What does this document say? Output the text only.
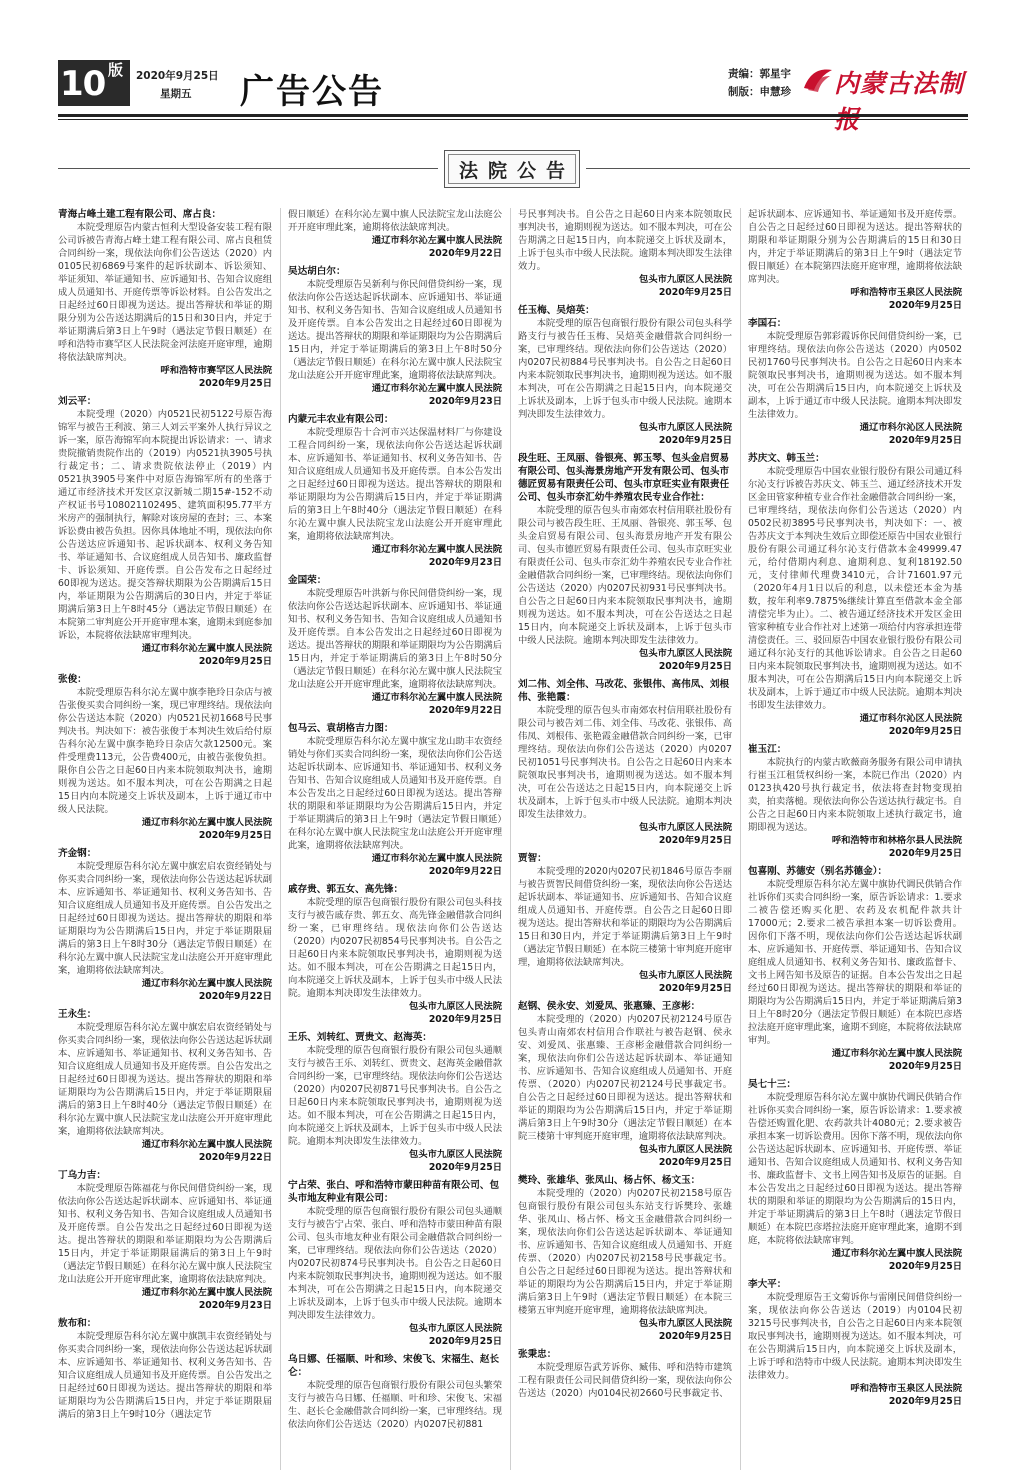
10 版	2020年9月25日
星期五 广告公告	责编：郭星宇
制版：申慧珍 内蒙古法制
法院公告
青海占峰土建工程有限公司、席占良：
本院受理原告内蒙古恒利大型设备安装工程有限公司诉被告青海占峰土建工程有限公司、席占良租赁合同纠纷一案，现依法向你们公告送达（2020）内0105民初6869号案件的起诉状副本、诉讼须知、举证须知、举证通知书、应诉通知书、告知合议庭组成人员通知书、开庭传票等诉讼材料。自公告发出之日起经过60日即视为送达。提出答辩状和举证的期限分别为公告送达期满后的15日和30日内，并定于举证期满后第3日上午9时（遇法定节假日顺延）在呼和浩特市赛罕区人民法院金河法庭开庭审理，逾期将依法缺席判决。
呼和浩特市赛罕区人民法院
2020年9月25日
刘云平：
本院受理（2020）内0521民初5122号原告海锦军与被告王利波、第三人刘云平案外人执行异议之诉一案，原告海锦军向本院提出诉讼请求：一、请求贵院撤销贵院作出的（2019）内0521执3905号执行裁定书；二、请求贵院依法停止（2019）内0521执3905号案件中对原告海锦军所有的坐落于通辽市经济技术开发区京汉新城二期15#-152不动产权证书号108021102495、建筑面积95.77平方米房产的强制执行，解除对该房屋的查封；三、本案诉讼费由被告负担。因你具体地址不明，现依法向你公告送达应诉通知书、起诉状副本、权利义务告知书、举证通知书、合议庭组成人员告知书、廉政监督卡、诉讼须知、开庭传票。自公告发布之日起经过60即视为送达。提交答辩状期限为公告期满后15日内，举证期限为公告期满后的30日内，并定于举证期满后第3日上午8时45分（遇法定节假日顺延）在本院第二审判庭公开开庭审理本案，逾期未到庭参加诉讼，本院将依法缺席审理判决。
通辽市科尔沁左翼中旗人民法院
2020年9月25日
张俊：
本院受理原告科尔沁左翼中旗李艳玲日杂店与被告张俊买卖合同纠纷一案，现已审理终结。现依法向你公告送达本院（2020）内0521民初1668号民事判决书。判决如下：被告张俊于本判决生效后给付原告科尔沁左翼中旗李艳玲日杂店欠款12500元。案件受理费113元，公告费400元，由被告张俊负担。限你自公告之日起60日内来本院领取判决书，逾期则视为送达。如不服本判决，可在公告期满之日起15日内向本院递交上诉状及副本，上诉于通辽市中级人民法院。
通辽市科尔沁左翼中旗人民法院
2020年9月25日
齐金钢：
本院受理原告科尔沁左翼中旗宏启农资经销处与你买卖合同纠纷一案，现依法向你公告送达起诉状副本、应诉通知书、举证通知书、权利义务告知书、告知合议庭组成人员通知书及开庭传票。自公告发出之日起经过60日即视为送达。提出答辩状的期限和举证期限均为公告期满后15日内，并定于举证期限届满后的第3日上午8时30分（遇法定节假日顺延）在科尔沁左翼中旗人民法院宝龙山法庭公开开庭审理此案，逾期将依法缺席判决。
通辽市科尔沁左翼中旗人民法院
2020年9月22日
王永生：
本院受理原告科尔沁左翼中旗宏启农资经销处与你买卖合同纠纷一案，现依法向你公告送达起诉状副本、应诉通知书、举证通知书、权利义务告知书、告知合议庭组成人员通知书及开庭传票。自公告发出之日起经过60日即视为送达。提出答辩状的期限和举证期限均为公告期满后15日内，并定于举证期限届满后的第3日上午8时40分（遇法定节假日顺延）在科尔沁左翼中旗人民法院宝龙山法庭公开开庭审理此案，逾期将依法缺席判决。
通辽市科尔沁左翼中旗人民法院
2020年9月22日
丁乌力吉：
本院受理原告陈福花与你民间借贷纠纷一案，现依法向你公告送达起诉状副本、应诉通知书、举证通知书、权利义务告知书、告知合议庭组成人员通知书及开庭传票。自公告发出之日起经过60日即视为送达。提出答辩状的期限和举证期限均为公告期满后15日内，并定于举证期限届满后的第3日上午9时（遇法定节假日顺延）在科尔沁左翼中旗人民法院宝龙山法庭公开开庭审理此案，逾期将依法缺席判决。
通辽市科尔沁左翼中旗人民法院
2020年9月23日
敖布和：
本院受理原告科尔沁左翼中旗凯丰农资经销处与你买卖合同纠纷一案，现依法向你公告送达起诉状副本、应诉通知书、举证通知书、权利义务告知书、告知合议庭组成人员通知书及开庭传票。自公告发出之日起经过60日即视为送达。提出答辩状的期限和举证期限均为公告期满后15日内，并定于举证期限届满后的第3日上午9时10分（遇法定节
假日顺延）在科尔沁左翼中旗人民法院宝龙山法庭公开开庭审理此案，逾期将依法缺席判决。
通辽市科尔沁左翼中旗人民法院
2020年9月22日
吴达胡白尔：
本院受理原告吴新利与你民间借贷纠纷一案，现依法向你公告送达起诉状副本、应诉通知书、举证通知书、权利义务告知书、告知合议庭组成人员通知书及开庭传票。自本公告发出之日起经过60日即视为送达。提出答辩状的期限和举证期限均为公告期满后15日内，并定于举证期满后的第3日上午8时50分（遇法定节假日顺延）在科尔沁左翼中旗人民法院宝龙山法庭公开开庭审理此案，逾期将依法缺席判决。
通辽市科尔沁左翼中旗人民法院
2020年9月23日
内蒙元丰农业有限公司：
本院受理原告十合河市兴达保温材料厂与你建设工程合同纠纷一案，现依法向你公告送达起诉状副本、应诉通知书、举证通知书、权利义务告知书、告知合议庭组成人员通知书及开庭传票。自本公告发出之日起经过60日即视为送达。提出答辩状的期限和举证期限均为公告期满后15日内，并定于举证期满后的第3日上午8时40分（遇法定节假日顺延）在科尔沁左翼中旗人民法院宝龙山法庭公开开庭审理此案，逾期将依法缺席判决。
通辽市科尔沁左翼中旗人民法院
2020年9月23日
金国荣：
本院受理原告叶洪新与你民间借贷纠纷一案，现依法向你公告送达起诉状副本、应诉通知书、举证通知书、权利义务告知书、告知合议庭组成人员通知书及开庭传票。自本公告发出之日起经过60日即视为送达。提出答辩状的期限和举证期限均为公告期满后15日内，并定于举证期满后的第3日上午8时50分（遇法定节假日顺延）在科尔沁左翼中旗人民法院宝龙山法庭公开开庭审理此案，逾期将依法缺席判决。
通辽市科尔沁左翼中旗人民法院
2020年9月22日
包马云、袁胡格吉力图：
本院受理原告科尔沁左翼中旗宝龙山助丰农资经销处与你们买卖合同纠纷一案，现依法向你们公告送达起诉状副本、应诉通知书、举证通知书、权利义务告知书、告知合议庭组成人员通知书及开庭传票。自本公告发出之日起经过60日即视为送达。提出答辩状的期限和举证期限均为公告期满后15日内，并定于举证期满后的第3日上午9时（遇法定节假日顺延）在科尔沁左翼中旗人民法院宝龙山法庭公开开庭审理此案，逾期将依法缺席判决。
通辽市科尔沁左翼中旗人民法院
2020年9月22日
戚存贵、郭五女、高先锋：
本院受理的原告包商银行股份有限公司包头科技支行与被告戚存贵、郭五女、高先锋金融借款合同纠纷一案，已审理终结。现依法向你们公告送达（2020）内0207民初854号民事判决书。自公告之日起60日内来本院领取民事判决书，逾期则视为送达。如不服本判决，可在公告期满之日起15日内，向本院递交上诉状及副本，上诉于包头市中级人民法院。逾期本判决即发生法律效力。
包头市九原区人民法院
2020年9月25日
王乐、刘转红、贾贵文、赵海英：
本院受理的原告包商银行股份有限公司包头通顺支行与被告王乐、刘转红、贾贵文、赵海英金融借款合同纠纷一案，已审理终结。现依法向你们公告送达（2020）内0207民初871号民事判决书。自公告之日起60日内来本院领取民事判决书，逾期则视为送达。如不服本判决，可在公告期满之日起15日内，向本院递交上诉状及副本，上诉于包头市中级人民法院。逾期本判决即发生法律效力。
包头市九原区人民法院
2020年9月25日
宁占荣、张白、呼和浩特市蒙田种苗有限公司、包头市地友种业有限公司：
本院受理的原告包商银行股份有限公司包头通顺支行与被告宁占荣、张白、呼和浩特市蒙田种苗有限公司、包头市地友种业有限公司金融借款合同纠纷一案，已审理终结。现依法向你们公告送达（2020）内0207民初874号民事判决书。自公告之日起60日内来本院领取民事判决书，逾期则视为送达。如不服本判决，可在公告期满之日起15日内，向本院递交上诉状及副本，上诉于包头市中级人民法院。逾期本判决即发生法律效力。
包头市九原区人民法院
2020年9月25日
乌日娜、任福顺、叶和珍、宋俊飞、宋福生、赵长仑：
本院受理的原告包商银行股份有限公司包头繁荣支行与被告乌日娜、任福顺、叶和珍、宋俊飞、宋福生、赵长仑金融借款合同纠纷一案，已审理终结。现依法向你们公告送达（2020）内0207民初881
号民事判决书。自公告之日起60日内来本院领取民事判决书，逾期则视为送达。如不服本判决，可在公告期满之日起15日内，向本院递交上诉状及副本，上诉于包头市中级人民法院。逾期本判决即发生法律效力。
包头市九原区人民法院
2020年9月25日
任玉梅、吴焙英：
本院受理的原告包商银行股份有限公司包头科学路支行与被告任玉梅、吴焙英金融借款合同纠纷一案，已审理终结。现依法向你们公告送达（2020）内0207民初884号民事判决书。自公告之日起60日内来本院领取民事判决书，逾期则视为送达。如不服本判决，可在公告期满之日起15日内，向本院递交上诉状及副本，上诉于包头市中级人民法院。逾期本判决即发生法律效力。
包头市九原区人民法院
2020年9月25日
段生旺、王凤丽、昝银亮、郭玉琴、包头金启贸易有限公司、包头海景房地产开发有限公司、包头市德匠贸易有限责任公司、包头市京旺实业有限责任公司、包头市奈汇幼牛养殖农民专业合作社：
本院受理的原告包头市南郊农村信用联社股份有限公司与被告段生旺、王凤丽、昝银亮、郭玉琴、包头金启贸易有限公司、包头海景房地产开发有限公司、包头市德匠贸易有限责任公司、包头市京旺实业有限责任公司、包头市奈汇幼牛养殖农民专业合作社金融借款合同纠纷一案，已审理终结。现依法向你们公告送达（2020）内0207民初931号民事判决书。自公告之日起60日内来本院领取民事判决书，逾期则视为送达。如不服本判决，可在公告送达之日起15日内，向本院递交上诉状及副本，上诉于包头市中级人民法院。逾期本判决即发生法律效力。
包头市九原区人民法院
2020年9月25日
刘二伟、刘全伟、马改花、张银伟、高伟凤、刘根伟、张艳霞：
本院受理的原告包头市南郊农村信用联社股份有限公司与被告刘二伟、刘全伟、马改花、张银伟、高伟凤、刘根伟、张艳霞金融借款合同纠纷一案，已审理终结。现依法向你们公告送达（2020）内0207民初1051号民事判决书。自公告之日起60日内来本院领取民事判决书，逾期则视为送达。如不服本判决，可在公告送达之日起15日内，向本院递交上诉状及副本，上诉于包头市中级人民法院。逾期本判决即发生法律效力。
包头市九原区人民法院
2020年9月25日
贾智：
本院受理的2020内0207民初1846号原告李丽与被告贾智民间借贷纠纷一案，现依法向你公告送达起诉状副本、举证通知书、应诉通知书、告知合议庭组成人员通知书、开庭传票。自公告之日起60日即视为送达。提出答辩状和举证的期限均为公告期满后15日和30日内，并定于举证期满后第3日上午9时（遇法定节假日顺延）在本院三楼第十审判庭开庭审理，逾期将依法缺席判决。
包头市九原区人民法院
2020年9月25日
赵钢、侯永安、刘爱凤、张惠臻、王彦彬：
本院受理的（2020）内0207民初2124号原告包头青山南郊农村信用合作联社与被告赵钢、侯永安、刘爱凤、张惠臻、王彦彬金融借款合同纠纷一案，现依法向你们公告送达起诉状副本、举证通知书、应诉通知书、告知合议庭组成人员通知书、开庭传票、（2020）内0207民初2124号民事裁定书。自公告之日起经过60日即视为送达。提出答辩状和举证的期限均为公告期满后15日内，并定于举证期满后第3日上午9时30分（遇法定节假日顺延）在本院三楼第十审判庭开庭审理，逾期将依法缺席判决。
包头市九原区人民法院
2020年9月25日
樊玲、张雄华、张凤山、杨占怀、杨文玉：
本院受理的（2020）内0207民初2158号原告包商银行股份有限公司包头东站支行诉樊玲、张雄华、张凤山、杨占怀、杨文玉金融借款合同纠纷一案，现依法向你们公告送达起诉状副本、举证通知书、应诉通知书、告知合议庭组成人员通知书、开庭传票、（2020）内0207民初2158号民事裁定书。自公告之日起经过60日即视为送达。提出答辩状和举证的期限均为公告期满后15日内，并定于举证期满后第3日上午9时（遇法定节假日顺延）在本院三楼第五审判庭开庭审理，逾期将依法缺席判决。
包头市九原区人民法院
2020年9月25日
张秉忠：
本院受理原告武芳诉你、臧伟、呼和浩特市建筑工程有限责任公司民间借贷纠纷一案，现依法向你公告送达（2020）内0104民初2660号民事裁定书、
起诉状副本、应诉通知书、举证通知书及开庭传票。自公告之日起经过60日即视为送达。提出答辩状的期限和举证期限分别为公告期满后的15日和30日内，并定于举证期满后的第3日上午9时（遇法定节假日顺延）在本院第四法庭开庭审理，逾期将依法缺席判决。
呼和浩特市玉泉区人民法院
2020年9月25日
李国石：
本院受理原告郭彩霞诉你民间借贷纠纷一案，已审理终结。现依法向你公告送达（2020）内0502民初1760号民事判决书。自公告之日起60日内来本院领取民事判决书，逾期则视为送达。如不服本判决，可在公告期满后15日内，向本院递交上诉状及副本，上诉于通辽市中级人民法院。逾期本判决即发生法律效力。
通辽市科尔沁区人民法院
2020年9月25日
苏庆文、韩玉兰：
本院受理原告中国农业银行股份有限公司通辽科尔沁支行诉被告苏庆文、韩玉兰、通辽经济技术开发区金田管家种植专业合作社金融借款合同纠纷一案，已审理终结，现依法向你们公告送达（2020）内0502民初3895号民事判决书，判决如下：一、被告苏庆文于本判决生效后立即偿还原告中国农业银行股份有限公司通辽科尔沁支行借款本金49999.47元，给付借期内利息、逾期利息、复利18192.50元，支付律师代理费3410元，合计71601.97元（2020年4月1日以后的利息，以未偿还本金为基数，按年利率9.7875%继续计算直至借款本金全部清偿完毕为止）。二、被告通辽经济技术开发区金田管家种植专业合作社对上述第一项给付内容承担连带清偿责任。三、驳回原告中国农业银行股份有限公司通辽科尔沁支行的其他诉讼请求。自公告之日起60日内来本院领取民事判决书，逾期则视为送达。如不服本判决，可在公告期满后15日内向本院递交上诉状及副本，上诉于通辽市中级人民法院。逾期本判决书即发生法律效力。
通辽市科尔沁区人民法院
2020年9月25日
崔玉江：
本院执行的内蒙古欧薇商务服务有限公司申请执行崔玉江租赁权纠纷一案，本院已作出（2020）内0123执420号执行裁定书，依法将查封物变现拍卖，拍卖落槌。现依法向你公告送达执行裁定书。自公告之日起60日内来本院领取上述执行裁定书，逾期即视为送达。
呼和浩特市和林格尔县人民法院
2020年9月25日
包喜刚、苏德安（别名苏德金）：
本院受理原告科尔沁左翼中旗协代调民供销合作社诉你们买卖合同纠纷一案，原告诉讼请求：1.要求二被告偿还购买化肥、农药及农机配件款共计17000元；2.要求二被告承担本案一切诉讼费用。因你们下落不明，现依法向你们公告送达起诉状副本、应诉通知书、开庭传票、举证通知书、告知合议庭组成人员通知书、权利义务告知书、廉政监督卡、文书上网告知书及原告的证据。自本公告发出之日起经过60日即视为送达。提出答辩状的期限和举证的期限均为公告期满后15日内，并定于举证期满后第3日上午8时20分（遇法定节假日顺延）在本院巴彦塔拉法庭开庭审理此案，逾期不到庭，本院将依法缺席审判。
通辽市科尔沁左翼中旗人民法院
2020年9月25日
吴七十三：
本院受理原告科尔沁左翼中旗协代调民供销合作社诉你买卖合同纠纷一案，原告诉讼请求：1.要求被告偿还购置化肥、农药款共计4080元；2.要求被告承担本案一切诉讼费用。因你下落不明，现依法向你公告送达起诉状副本、应诉通知书、开庭传票、举证通知书、告知合议庭组成人员通知书、权利义务告知书、廉政监督卡、文书上网告知书及原告的证据。自本公告发出之日起经过60日即视为送达。提出答辩状的期限和举证的期限均为公告期满后的15日内，并定于举证期满后的第3日上午8时（遇法定节假日顺延）在本院巴彦塔拉法庭开庭审理此案，逾期不到庭，本院将依法缺席审判。
通辽市科尔沁左翼中旗人民法院
2020年9月25日
李大平：
本院受理原告王文菊诉你与雷刚民间借贷纠纷一案，现依法向你公告送达（2019）内0104民初3215号民事判决书，自公告之日起60日内来本院领取民事判决书，逾期则视为送达。如不服本判决，可在公告期满后15日内，向本院递交上诉状及副本，上诉于呼和浩特市中级人民法院。逾期本判决即发生法律效力。
呼和浩特市玉泉区人民法院
2020年9月25日
